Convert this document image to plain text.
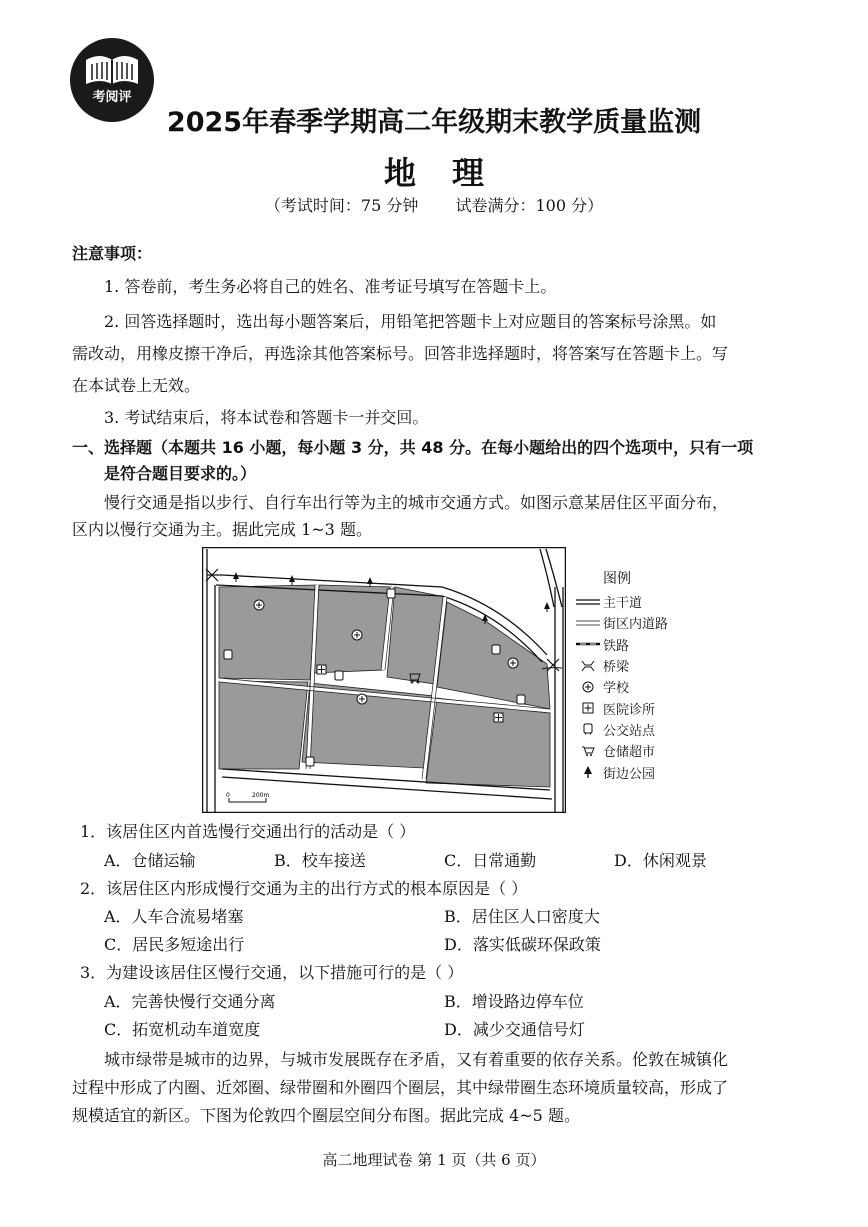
考阅评
2025年春季学期高二年级期末教学质量监测
地理
（考试时间：75 分钟 试卷满分：100 分）
注意事项：
1. 答卷前，考生务必将自己的姓名、准考证号填写在答题卡上。
2. 回答选择题时，选出每小题答案后，用铅笔把答题卡上对应题目的答案标号涂黑。如
需改动，用橡皮擦干净后，再选涂其他答案标号。回答非选择题时，将答案写在答题卡上。写
在本试卷上无效。
3. 考试结束后，将本试卷和答题卡一并交回。
一、选择题（本题共 16 小题，每小题 3 分，共 48 分。在每小题给出的四个选项中，只有一项
是符合题目要求的。）
慢行交通是指以步行、自行车出行等为主的城市交通方式。如图示意某居住区平面分布，
区内以慢行交通为主。据此完成 1~3 题。
0	200m
图例
主干道
街区内道路
铁路
桥梁
学校
医院诊所
公交站点
仓储超市
街边公园
1．该居住区内首选慢行交通出行的活动是（ ）
A．仓储运输	B．校车接送	C．日常通勤	D．休闲观景
2．该居住区内形成慢行交通为主的出行方式的根本原因是（ ）
A．人车合流易堵塞	B．居住区人口密度大
C．居民多短途出行	D．落实低碳环保政策
3．为建设该居住区慢行交通，以下措施可行的是（ ）
A．完善快慢行交通分离	B．增设路边停车位
C．拓宽机动车道宽度	D．减少交通信号灯
城市绿带是城市的边界，与城市发展既存在矛盾，又有着重要的依存关系。伦敦在城镇化
过程中形成了内圈、近郊圈、绿带圈和外圈四个圈层，其中绿带圈生态环境质量较高，形成了
规模适宜的新区。下图为伦敦四个圈层空间分布图。据此完成 4~5 题。
高二地理试卷 第 1 页（共 6 页）
